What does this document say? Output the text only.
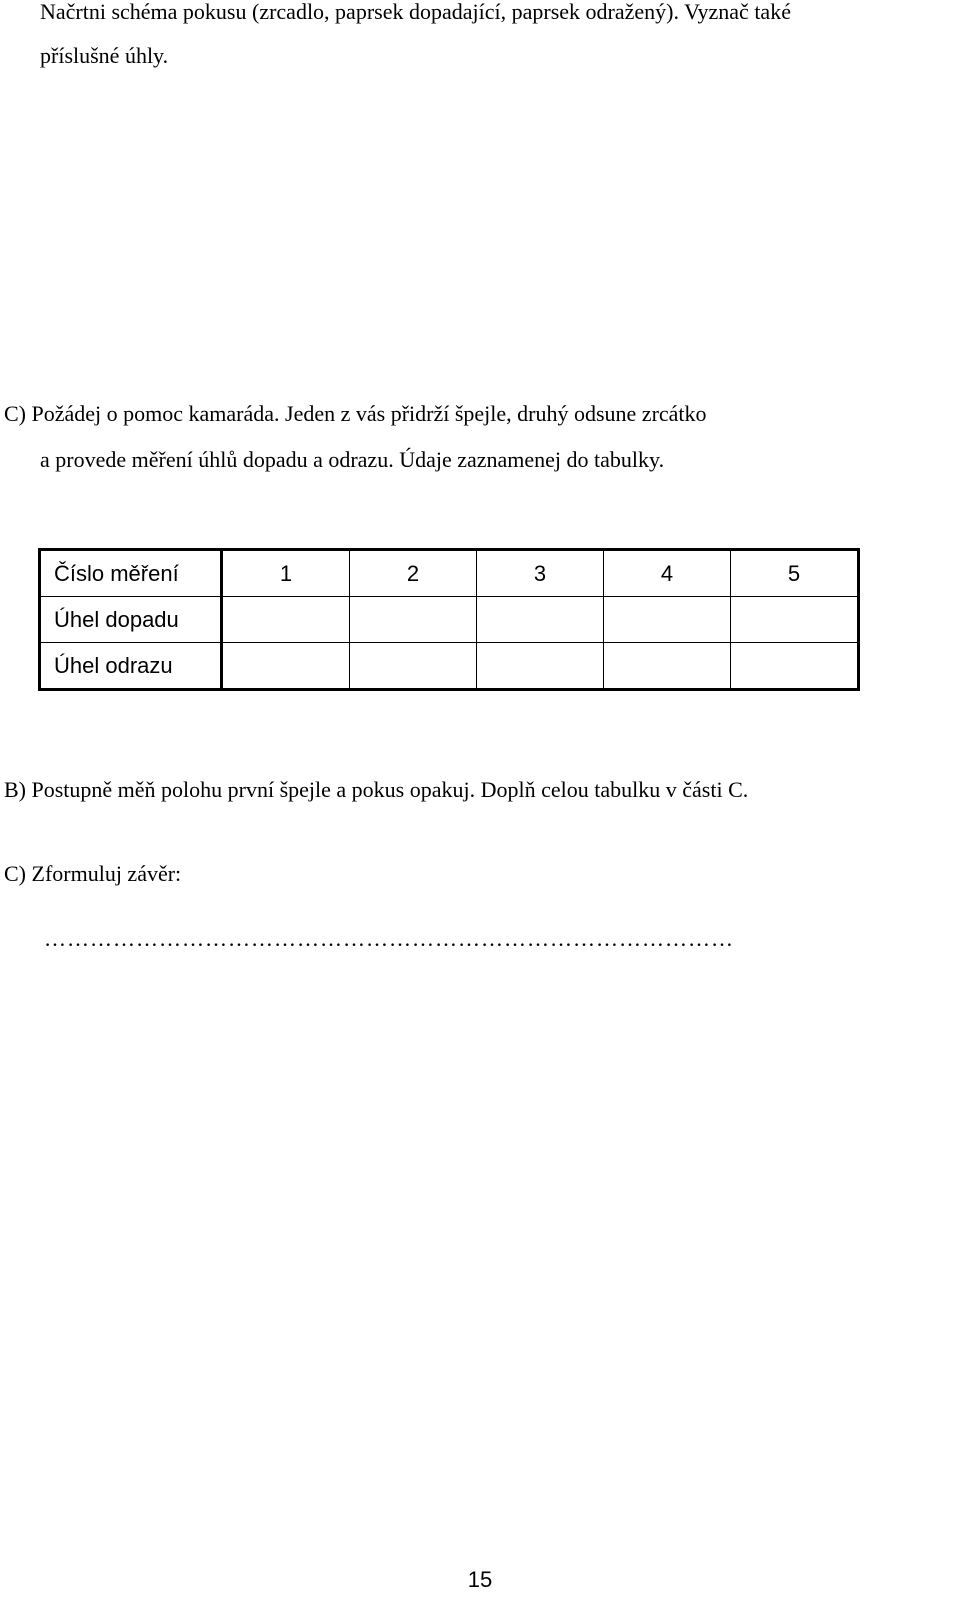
Načrtni schéma pokusu (zrcadlo, paprsek dopadající, paprsek odražený). Vyznač také
příslušné úhly.
C) Požádej o pomoc kamaráda. Jeden z vás přidrží špejle, druhý odsune zrcátko
a provede měření úhlů dopadu a odrazu. Údaje zaznamenej do tabulky.
Číslo měření	1	2	3	4	5
Úhel dopadu					
Úhel odrazu					
B) Postupně měň polohu první špejle a pokus opakuj. Doplň celou tabulku v části C.
C) Zformuluj závěr:
………………………………………………………………………………
15
